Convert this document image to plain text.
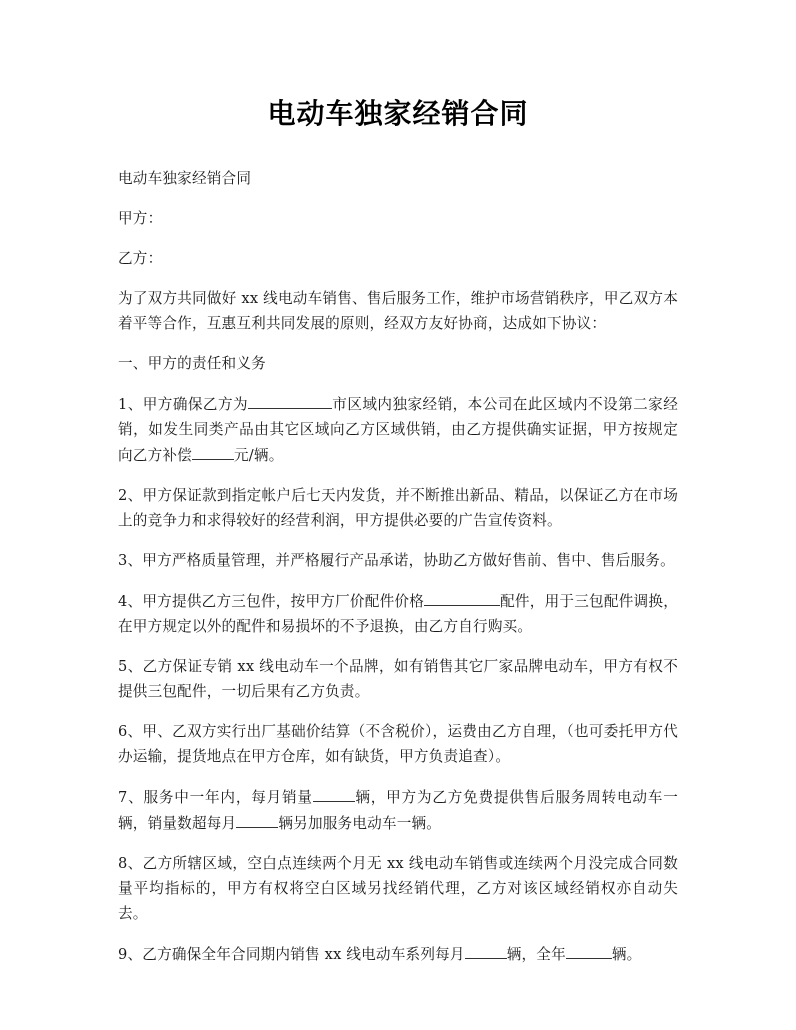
电动车独家经销合同

电动车独家经销合同

甲方：

乙方：

为了双方共同做好 xx 线电动车销售、售后服务工作，维护市场营销秩序，甲乙双方本着平等合作，互惠互利共同发展的原则，经双方友好协商，达成如下协议：

一、甲方的责任和义务

1、甲方确保乙方为	市区域内独家经销，本公司在此区域内不设第二家经销，如发生同类产品由其它区域向乙方区域供销，由乙方提供确实证据，甲方按规定向乙方补偿	元/辆。

2、甲方保证款到指定帐户后七天内发货，并不断推出新品、精品，以保证乙方在市场上的竞争力和求得较好的经营利润，甲方提供必要的广告宣传资料。

3、甲方严格质量管理，并严格履行产品承诺，协助乙方做好售前、售中、售后服务。

4、甲方提供乙方三包件，按甲方厂价配件价格	配件，用于三包配件调换，在甲方规定以外的配件和易损坏的不予退换，由乙方自行购买。

5、乙方保证专销 xx 线电动车一个品牌，如有销售其它厂家品牌电动车，甲方有权不提供三包配件，一切后果有乙方负责。

6、甲、乙双方实行出厂基础价结算（不含税价），运费由乙方自理，（也可委托甲方代办运输，提货地点在甲方仓库，如有缺货，甲方负责追查）。

7、服务中一年内，每月销量	辆，甲方为乙方免费提供售后服务周转电动车一辆，销量数超每月	辆另加服务电动车一辆。

8、乙方所辖区域，空白点连续两个月无 xx 线电动车销售或连续两个月没完成合同数量平均指标的，甲方有权将空白区域另找经销代理，乙方对该区域经销权亦自动失去。

9、乙方确保全年合同期内销售 xx 线电动车系列每月	辆，全年	辆。
